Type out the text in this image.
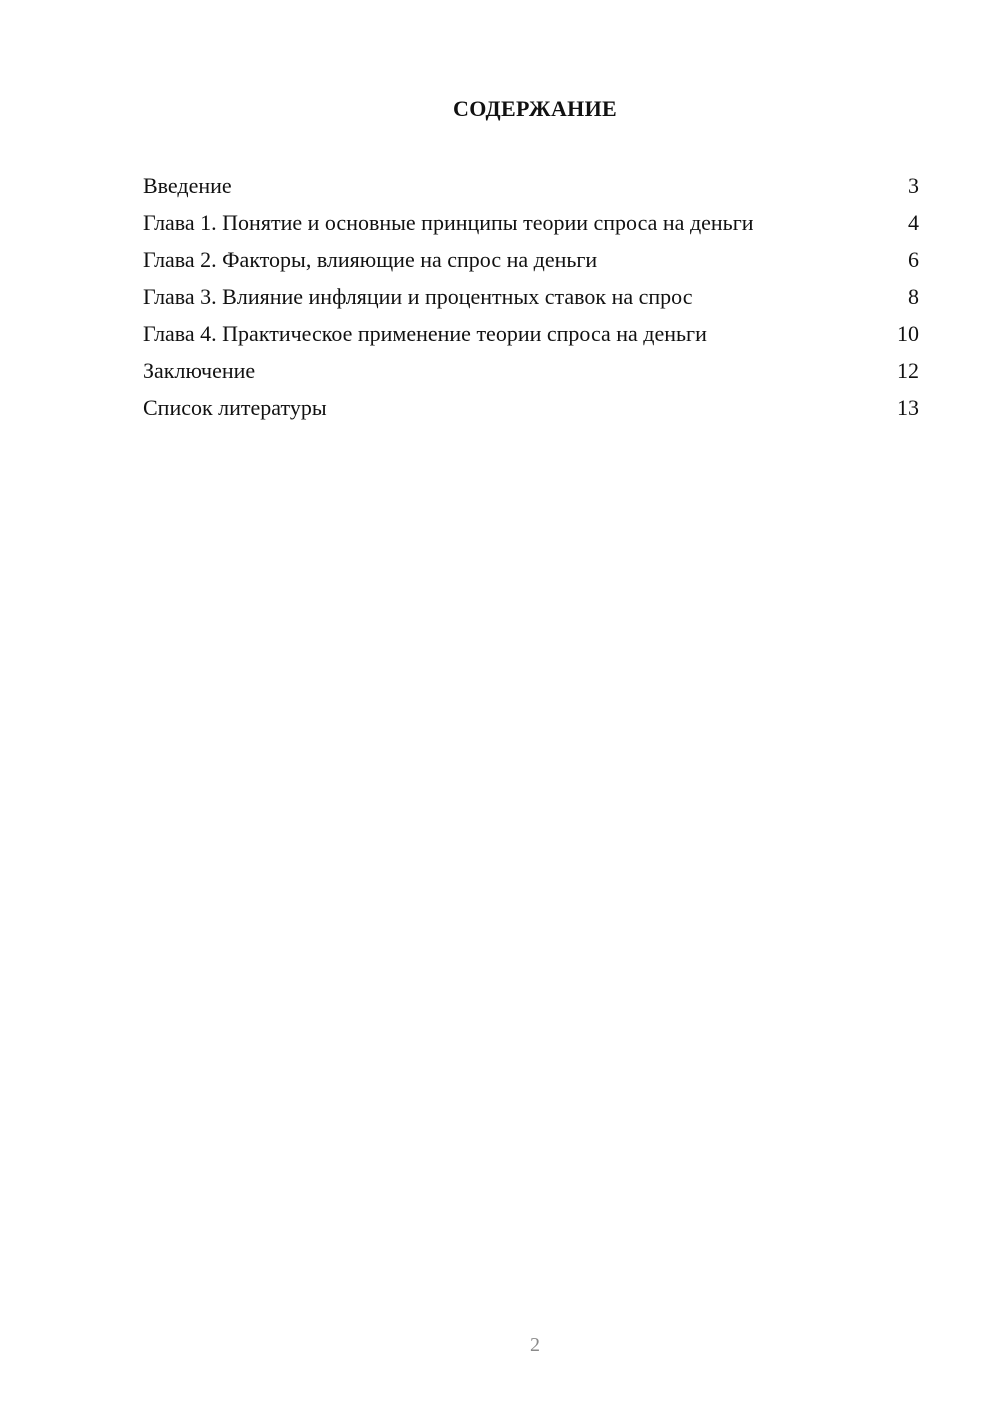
СОДЕРЖАНИЕ
Введение	3
Глава 1. Понятие и основные принципы теории спроса на деньги	4
Глава 2. Факторы, влияющие на спрос на деньги	6
Глава 3. Влияние инфляции и процентных ставок на спрос	8
Глава 4. Практическое применение теории спроса на деньги	10
Заключение	12
Список литературы	13
2
